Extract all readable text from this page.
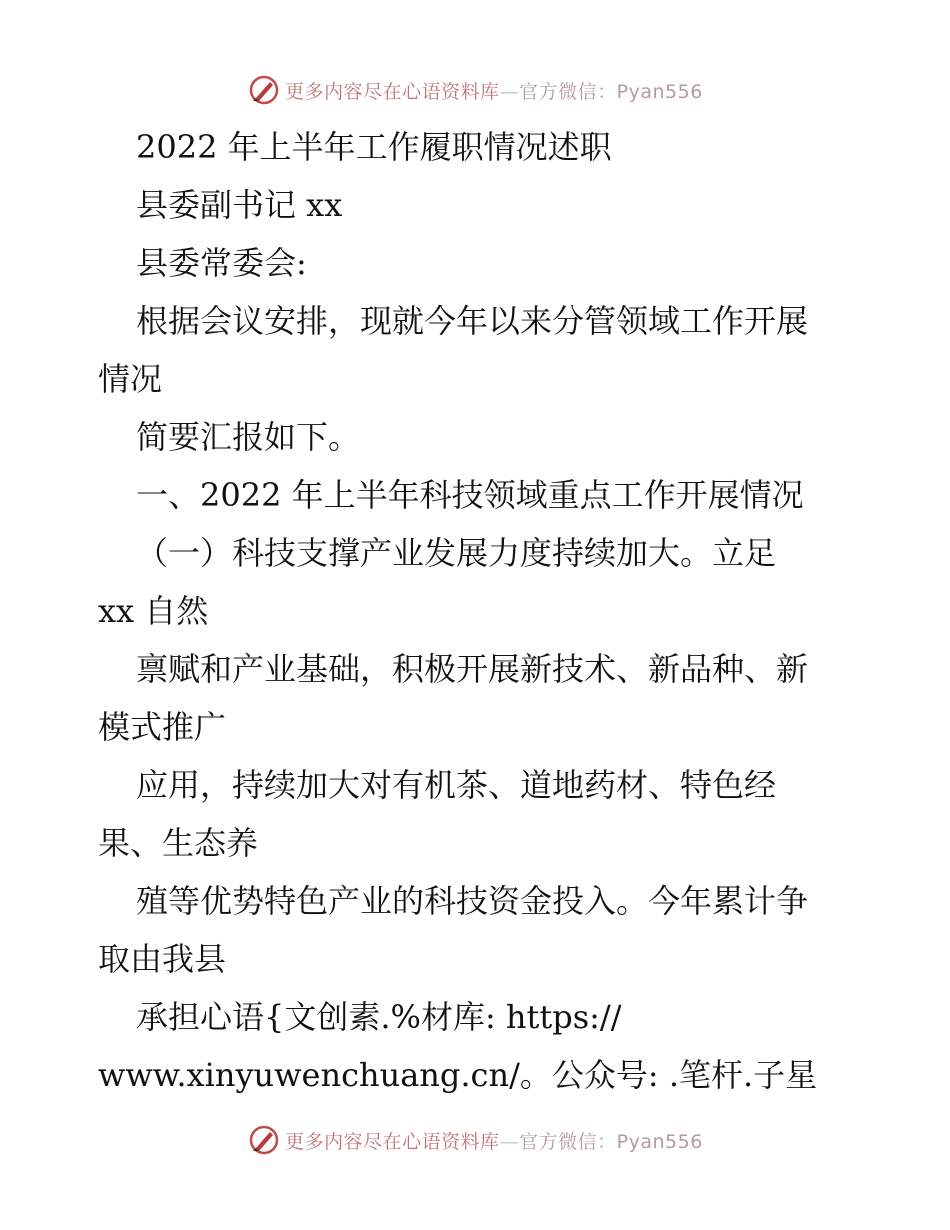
更多内容尽在心语资料库—官方微信：Pyan556
2022 年上半年工作履职情况述职
县委副书记 xx
县委常委会:
根据会议安排，现就今年以来分管领域工作开展
情况
简要汇报如下。
一、2022 年上半年科技领域重点工作开展情况
（一）科技支撑产业发展力度持续加大。立足
xx 自然
禀赋和产业基础，积极开展新技术、新品种、新
模式推广
应用，持续加大对有机茶、道地药材、特色经
果、生态养
殖等优势特色产业的科技资金投入。今年累计争
取由我县
承担心语{文创素.%材库: https://
www.xinyuwenchuang.cn/。公众号: .笔杆.子星
更多内容尽在心语资料库—官方微信：Pyan556
